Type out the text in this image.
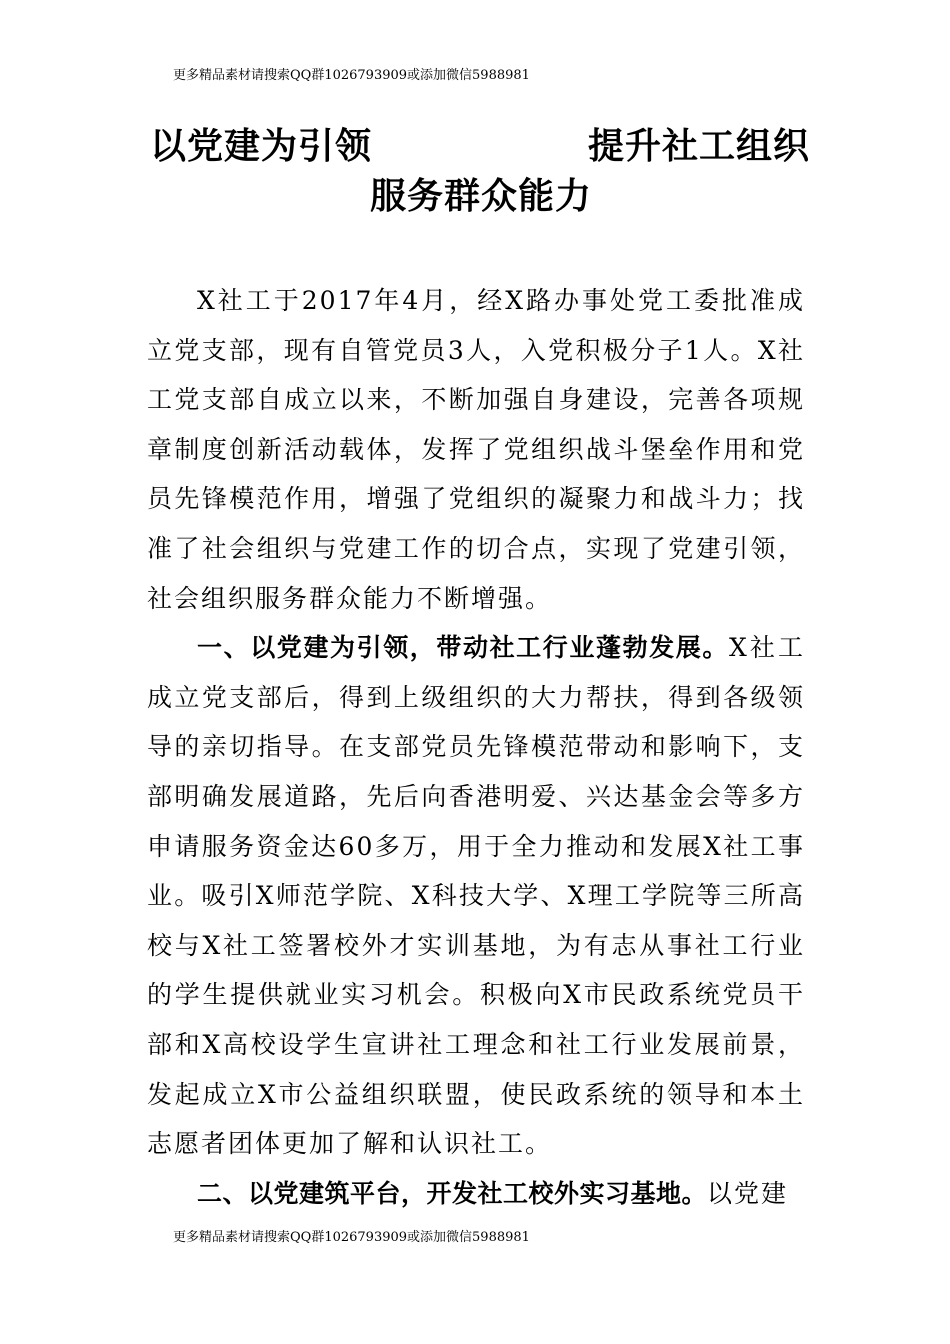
更多精品素材请搜索QQ群1026793909或添加微信5988981
以党建为引领	提升社工组织
服务群众能力

X社工于2017年4月，经X路办事处党工委批准成立党支部，现有自管党员3人，入党积极分子1人。X社工党支部自成立以来，不断加强自身建设，完善各项规章制度创新活动载体，发挥了党组织战斗堡垒作用和党员先锋模范作用，增强了党组织的凝聚力和战斗力；找准了社会组织与党建工作的切合点，实现了党建引领，社会组织服务群众能力不断增强。

一、以党建为引领，带动社工行业蓬勃发展。X社工成立党支部后，得到上级组织的大力帮扶，得到各级领导的亲切指导。在支部党员先锋模范带动和影响下，支部明确发展道路，先后向香港明爱、兴达基金会等多方申请服务资金达60多万，用于全力推动和发展X社工事业。吸引X师范学院、X科技大学、X理工学院等三所高校与X社工签署校外才实训基地，为有志从事社工行业的学生提供就业实习机会。积极向X市民政系统党员干部和X高校设学生宣讲社工理念和社工行业发展前景，发起成立X市公益组织联盟，使民政系统的领导和本土志愿者团体更加了解和认识社工。

二、以党建筑平台，开发社工校外实习基地。以党建

更多精品素材请搜索QQ群1026793909或添加微信5988981
